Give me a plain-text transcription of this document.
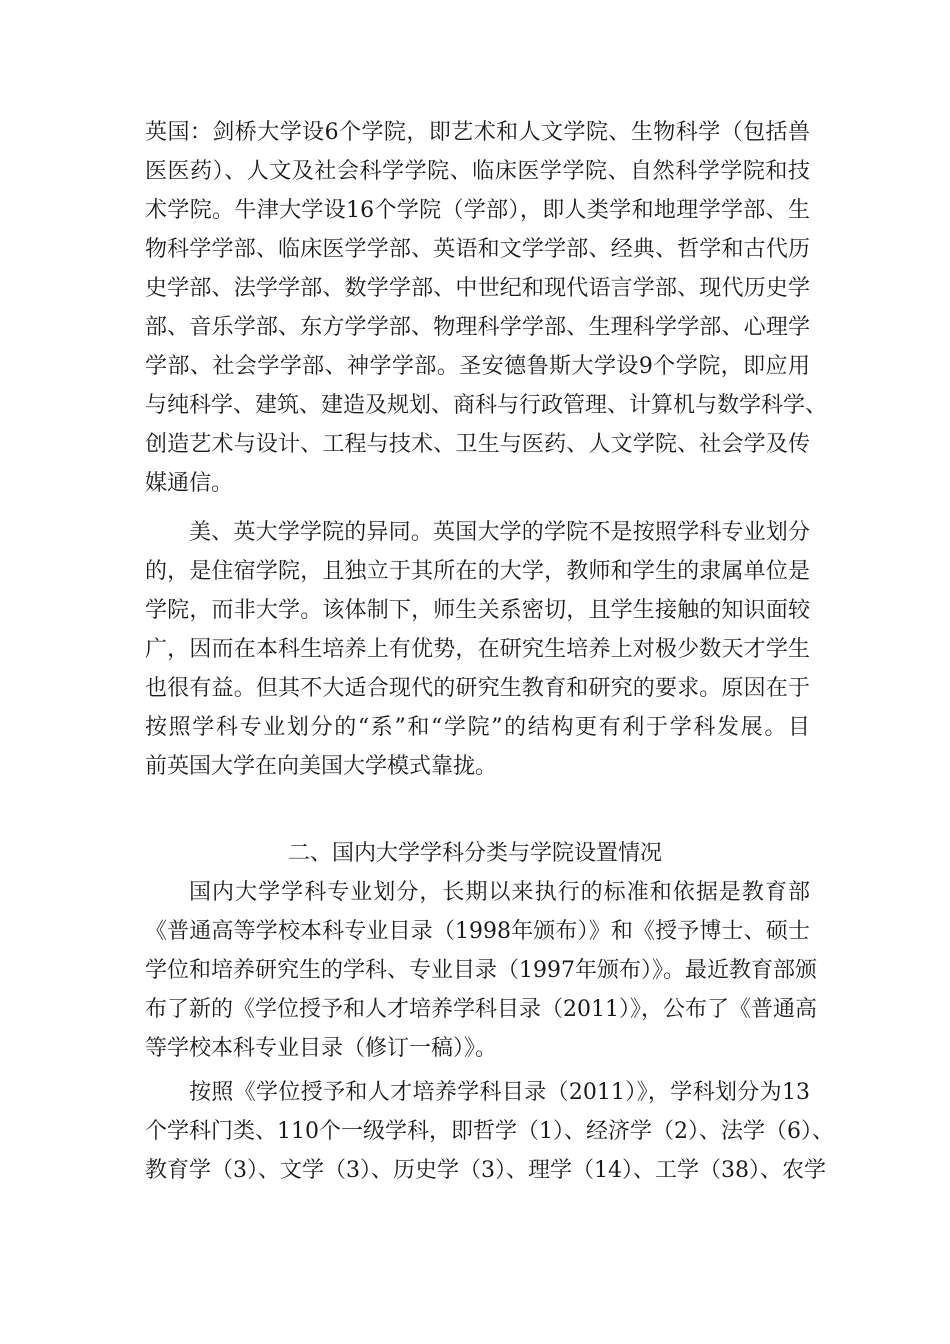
英国：剑桥大学设6个学院，即艺术和人文学院、生物科学（包括兽
医医药）、人文及社会科学学院、临床医学学院、自然科学学院和技
术学院。牛津大学设16个学院（学部），即人类学和地理学学部、生
物科学学部、临床医学学部、英语和文学学部、经典、哲学和古代历
史学部、法学学部、数学学部、中世纪和现代语言学部、现代历史学
部、音乐学部、东方学学部、物理科学学部、生理科学学部、心理学
学部、社会学学部、神学学部。圣安德鲁斯大学设9个学院，即应用
与纯科学、建筑、建造及规划、商科与行政管理、计算机与数学科学、
创造艺术与设计、工程与技术、卫生与医药、人文学院、社会学及传
媒通信。
美、英大学学院的异同。英国大学的学院不是按照学科专业划分
的，是住宿学院，且独立于其所在的大学，教师和学生的隶属单位是
学院，而非大学。该体制下，师生关系密切，且学生接触的知识面较
广，因而在本科生培养上有优势，在研究生培养上对极少数天才学生
也很有益。但其不大适合现代的研究生教育和研究的要求。原因在于
按照学科专业划分的“系”和“学院”的结构更有利于学科发展。目
前英国大学在向美国大学模式靠拢。
二、国内大学学科分类与学院设置情况
国内大学学科专业划分，长期以来执行的标准和依据是教育部
《普通高等学校本科专业目录（1998年颁布）》和《授予博士、硕士
学位和培养研究生的学科、专业目录（1997年颁布）》。最近教育部颁
布了新的《学位授予和人才培养学科目录（2011）》，公布了《普通高
等学校本科专业目录（修订一稿）》。
按照《学位授予和人才培养学科目录（2011）》，学科划分为13
个学科门类、110个一级学科，即哲学（1）、经济学（2）、法学（6）、
教育学（3）、文学（3）、历史学（3）、理学（14）、工学（38）、农学
